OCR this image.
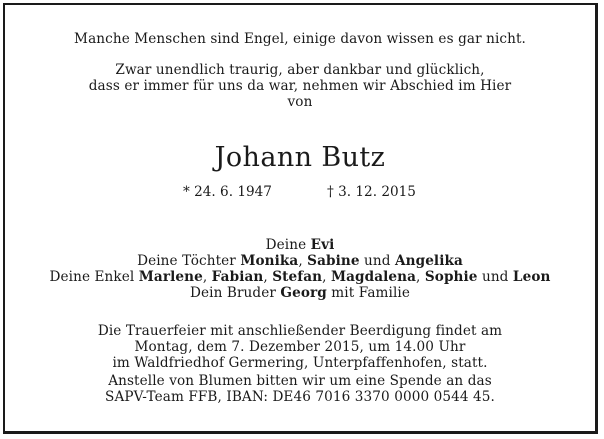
Manche Menschen sind Engel, einige davon wissen es gar nicht.
Zwar unendlich traurig, aber dankbar und glücklich,
dass er immer für uns da war, nehmen wir Abschied im Hier
von
Johann Butz
* 24. 6. 1947	† 3. 12. 2015
Deine Evi
Deine Töchter Monika, Sabine und Angelika
Deine Enkel Marlene, Fabian, Stefan, Magdalena, Sophie und Leon
Dein Bruder Georg mit Familie
Die Trauerfeier mit anschließender Beerdigung findet am
Montag, dem 7. Dezember 2015, um 14.00 Uhr
im Waldfriedhof Germering, Unterpfaffenhofen, statt.
Anstelle von Blumen bitten wir um eine Spende an das
SAPV-Team FFB, IBAN: DE46 7016 3370 0000 0544 45.
